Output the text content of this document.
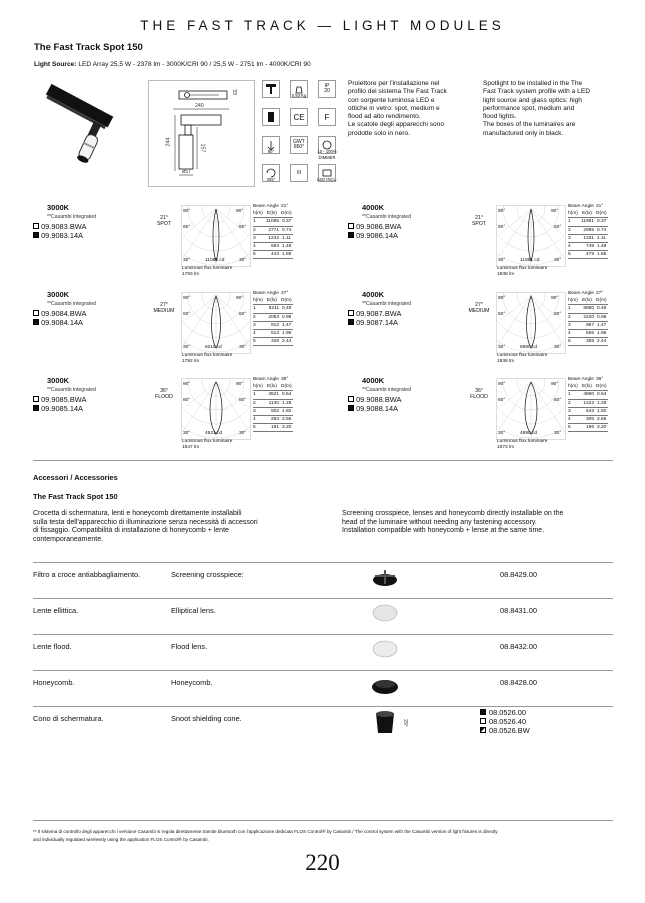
THE FAST TRACK — LIGHT MODULES
The Fast Track Spot 150
Light Source: LED Array 25,5 W - 2378 lm - 3000K/CRI 90 / 25,5 W - 2751 lm - 4000K/CRI 90
33
240
244
157
ø57
0,93 Kg
IP
20
CE F
90°
GWT 850°
10 - 100%
DIMMER
355°
III
LED INCL.
Proiettore per l'installazione nel
profilo del sistema The Fast Track
con sorgente luminosa LED e
ottiche in vetro: spot, medium e
flood ad alto rendimento.
Le scatole degli apparecchi sono
prodotte solo in nero.
Spotlight to be installed in the The
Fast Track system profile with a LED
light source and glass optics: high
performance spot, medium and
flood lights.
The boxes of the luminaires are
manufactured only in black.
3000K
**Casambi integrated
09.9083.BWA
09.9083.14A
21°
SPOT
90°	90°
60°	60°
30°	11085 cd	30°
Luminous flux luminaire
1793 lm
Beam Angle 21°
h(m) E(lx) D(m)
1	11085 0.37
2	2771 0.74
3	1232 1.11
4	693 1.48
5	443 1.85
4000K
**Casambi integrated
09.9086.BWA
09.9086.14A
21°
SPOT
90°	90°
60°	60°
30°	11981 cd	30°
Luminous flux luminaire
1938 lm
Beam Angle 21°
h(m) E(lx) D(m)
1	11981 0.37
2	2995 0.74
3	1331 1.11
4	749 1.48
5	479 1.85
3000K
**Casambi integrated
09.9084.BWA
09.9084.14A
27°
MEDIUM
90°	90°
60°	60°
30°	8211 cd	30°
Luminous flux luminaire
1792 lm
Beam Angle 27°
h(m) E(lx) D(m)
1	8211 0.49
2	2053 0.98
3	912 1.47
4	513 1.96
5	328 2.44
4000K
**Casambi integrated
09.9087.BWA
09.9087.14A
27°
MEDIUM
90°	90°
60°	60°
30°	8880 cd	30°
Luminous flux luminaire
1938 lm
Beam Angle 27°
h(m) E(lx) D(m)
1	8880 0.49
2	2220 0.98
3	987 1.47
4	555 1.96
5	355 2.44
3000K
**Casambi integrated
09.9085.BWA
09.9085.14A
36°
FLOOD
90°	90°
60°	60°
30°	4521 cd	30°
Luminous flux luminaire
1547 lm
Beam Angle 36°
h(m) E(lx) D(m)
1	4521 0.64
2	1130 1.28
3	502 1.92
4	283 2.56
5	181 3.20
4000K
**Casambi integrated
09.9088.BWA
09.9088.14A
36°
FLOOD
90°	90°
60°	60°
30°	4890 cd	30°
Luminous flux luminaire
1673 lm
Beam Angle 36°
h(m) E(lx) D(m)
1	4890 0.64
2	1222 1.28
3	543 1.92
4	306 2.56
5	196 3.20
Accessori / Accessories
The Fast Track Spot 150
Crocetta di schermatura, lenti e honeycomb direttamente installabili
sulla testa dell'apparecchio di illuminazione senza necessità di accessori
di fissaggio. Compatibilità di installazione di honeycomb + lente
contemporaneamente.
Screening crosspiece, lenses and honeycomb directly installable on the
head of the luminaire without needing any fastening accessory.
Installation compatible with honeycomb + lense at the same time.
Filtro a croce antiabbagliamento.	Screening crosspiece:	08.8429.00
Lente ellittica.	Elliptical lens.	08.8431.00
Lente flood.	Flood lens.	08.8432.00
Honeycomb.	Honeycomb.	08.8428.00
Cono di schermatura.	Snoot shielding cone.	29°
08.0526.00
08.0526.40
08.0526.BW
** Il sistema di controllo degli apparecchi i versione Casambi si regola direttamente tramite bluetooth con l'applicazione dedicata FLOS Control® by Casambi / The control system with the Casambi version of light fixtures is directly
and individually regulated wirelessly using the application FLOS Control® by Casambi.
220
